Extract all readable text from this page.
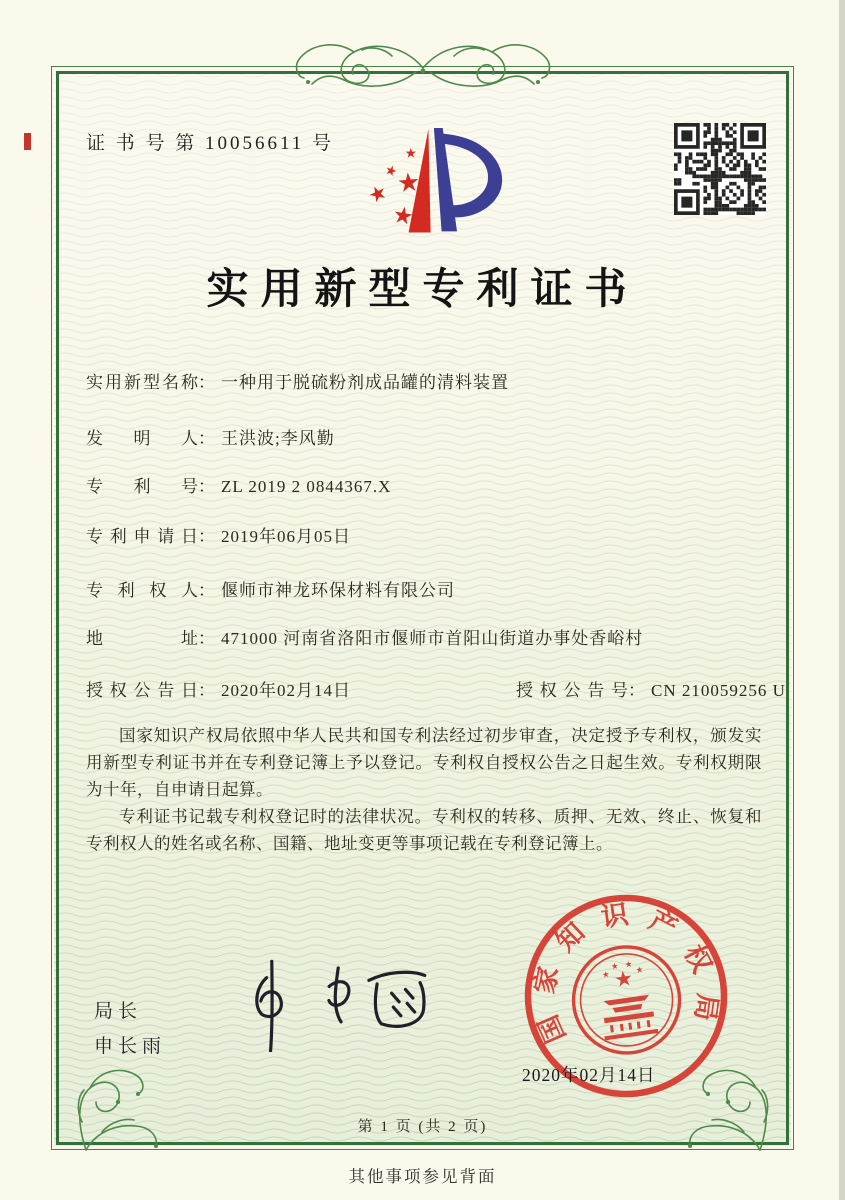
证 书 号 第 10056611 号
实用新型专利证书
实用新型名称： 一种用于脱硫粉剂成品罐的清料装置
发明人： 王洪波;李风勤
专利号： ZL 2019 2 0844367.X
专利申请日： 2019年06月05日
专利权人： 偃师市神龙环保材料有限公司
地址： 471000 河南省洛阳市偃师市首阳山街道办事处香峪村
授权公告日： 2020年02月14日	授权公告号： CN 210059256 U

国家知识产权局依照中华人民共和国专利法经过初步审查，决定授予专利权，颁发实用新型专利证书并在专利登记簿上予以登记。专利权自授权公告之日起生效。专利权期限为十年，自申请日起算。

专利证书记载专利权登记时的法律状况。专利权的转移、质押、无效、终止、恢复和专利权人的姓名或名称、国籍、地址变更等事项记载在专利登记簿上。

局长
申长雨	国
家
知
识 产
权
局
2020年02月14日
第 1 页 (共 2 页)
其他事项参见背面
